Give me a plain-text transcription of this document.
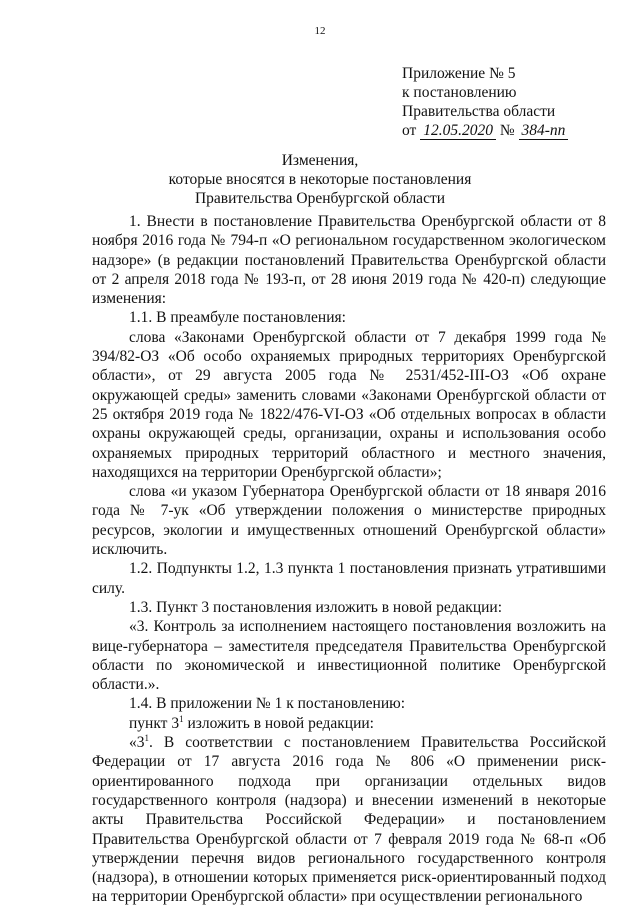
12
Приложение № 5
к постановлению
Правительства области
от 12.05.2020 № 384-пп
Изменения,
которые вносятся в некоторые постановления
Правительства Оренбургской области

1. Внести в постановление Правительства Оренбургской области от 8 ноября 2016 года № 794-п «О региональном государственном экологическом надзоре» (в редакции постановлений Правительства Оренбургской области от 2 апреля 2018 года № 193-п, от 28 июня 2019 года № 420-п) следующие изменения:

1.1. В преамбуле постановления:

слова «Законами Оренбургской области от 7 декабря 1999 года № 394/82-ОЗ «Об особо охраняемых природных территориях Оренбургской области», от 29 августа 2005 года № 2531/452-III-ОЗ «Об охране окружающей среды» заменить словами «Законами Оренбургской области от 25 октября 2019 года № 1822/476-VI-ОЗ «Об отдельных вопросах в области охраны окружающей среды, организации, охраны и использования особо охраняемых природных территорий областного и местного значения, находящихся на территории Оренбургской области»;

слова «и указом Губернатора Оренбургской области от 18 января 2016 года № 7-ук «Об утверждении положения о министерстве природных ресурсов, экологии и имущественных отношений Оренбургской области» исключить.

1.2. Подпункты 1.2, 1.3 пункта 1 постановления признать утратившими силу.

1.3. Пункт 3 постановления изложить в новой редакции:

«3. Контроль за исполнением настоящего постановления возложить на вице-губернатора – заместителя председателя Правительства Оренбургской области по экономической и инвестиционной политике Оренбургской области.».

1.4. В приложении № 1 к постановлению:

пункт $3^1$ изложить в новой редакции:

«$3^1$. В соответствии с постановлением Правительства Российской Федерации от 17 августа 2016 года № 806 «О применении риск-ориентированного подхода при организации отдельных видов государственного контроля (надзора) и внесении изменений в некоторые акты Правительства Российской Федерации» и постановлением Правительства Оренбургской области от 7 февраля 2019 года № 68-п «Об утверждении перечня видов регионального государственного контроля (надзора), в отношении которых применяется риск-ориентированный подход на территории Оренбургской области» при осуществлении регионального
